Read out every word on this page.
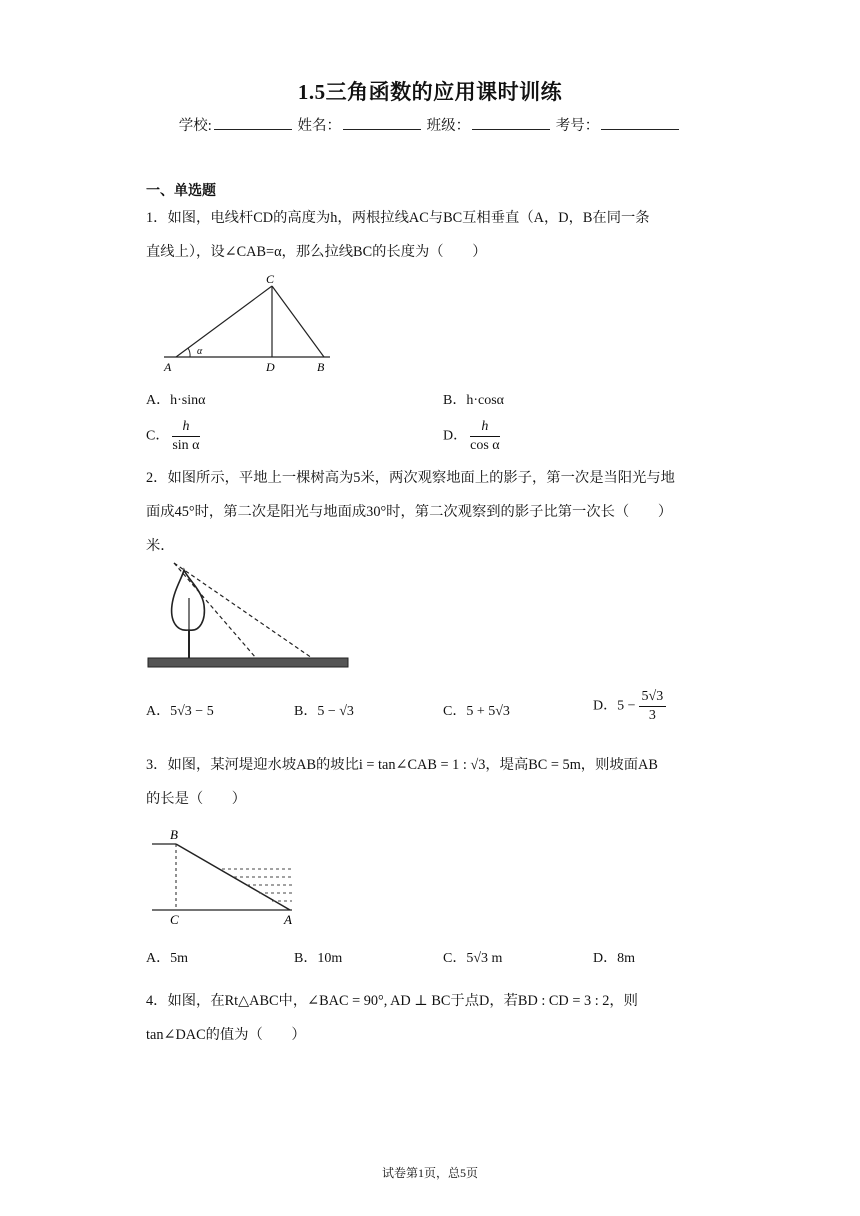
1.5三角函数的应用课时训练
学校:	姓名：	班级：	考号：
一、单选题
1．如图，电线杆CD的高度为h，两根拉线AC与BC互相垂直（A，D，B在同一条
直线上），设∠CAB=α，那么拉线BC的长度为（　　）
C
A	D	B
α
A．h·sinα	B．h·cosα
C． $\frac{h}{\text{sin α}}$	D． $\frac{h}{\text{cos α}}$
2．如图所示，平地上一棵树高为5米，两次观察地面上的影子，第一次是当阳光与地
面成45°时，第二次是阳光与地面成30°时，第二次观察到的影子比第一次长（　　）
米．
A．5√3 − 5	B．5 − √3	C．5 + 5√3	D．$5 - \frac{5√3}{3}$
3．如图，某河堤迎水坡AB的坡比i = tan∠CAB = 1 : √3，堤高BC = 5m，则坡面AB
的长是（　　）
B
C	A
A．5m	B．10m	C．5√3 m	D．8m
4．如图，在Rt△ABC中，∠BAC = 90°, AD ⊥ BC于点D，若BD : CD = 3 : 2，则
tan∠DAC的值为（　　）
试卷第1页，总5页
